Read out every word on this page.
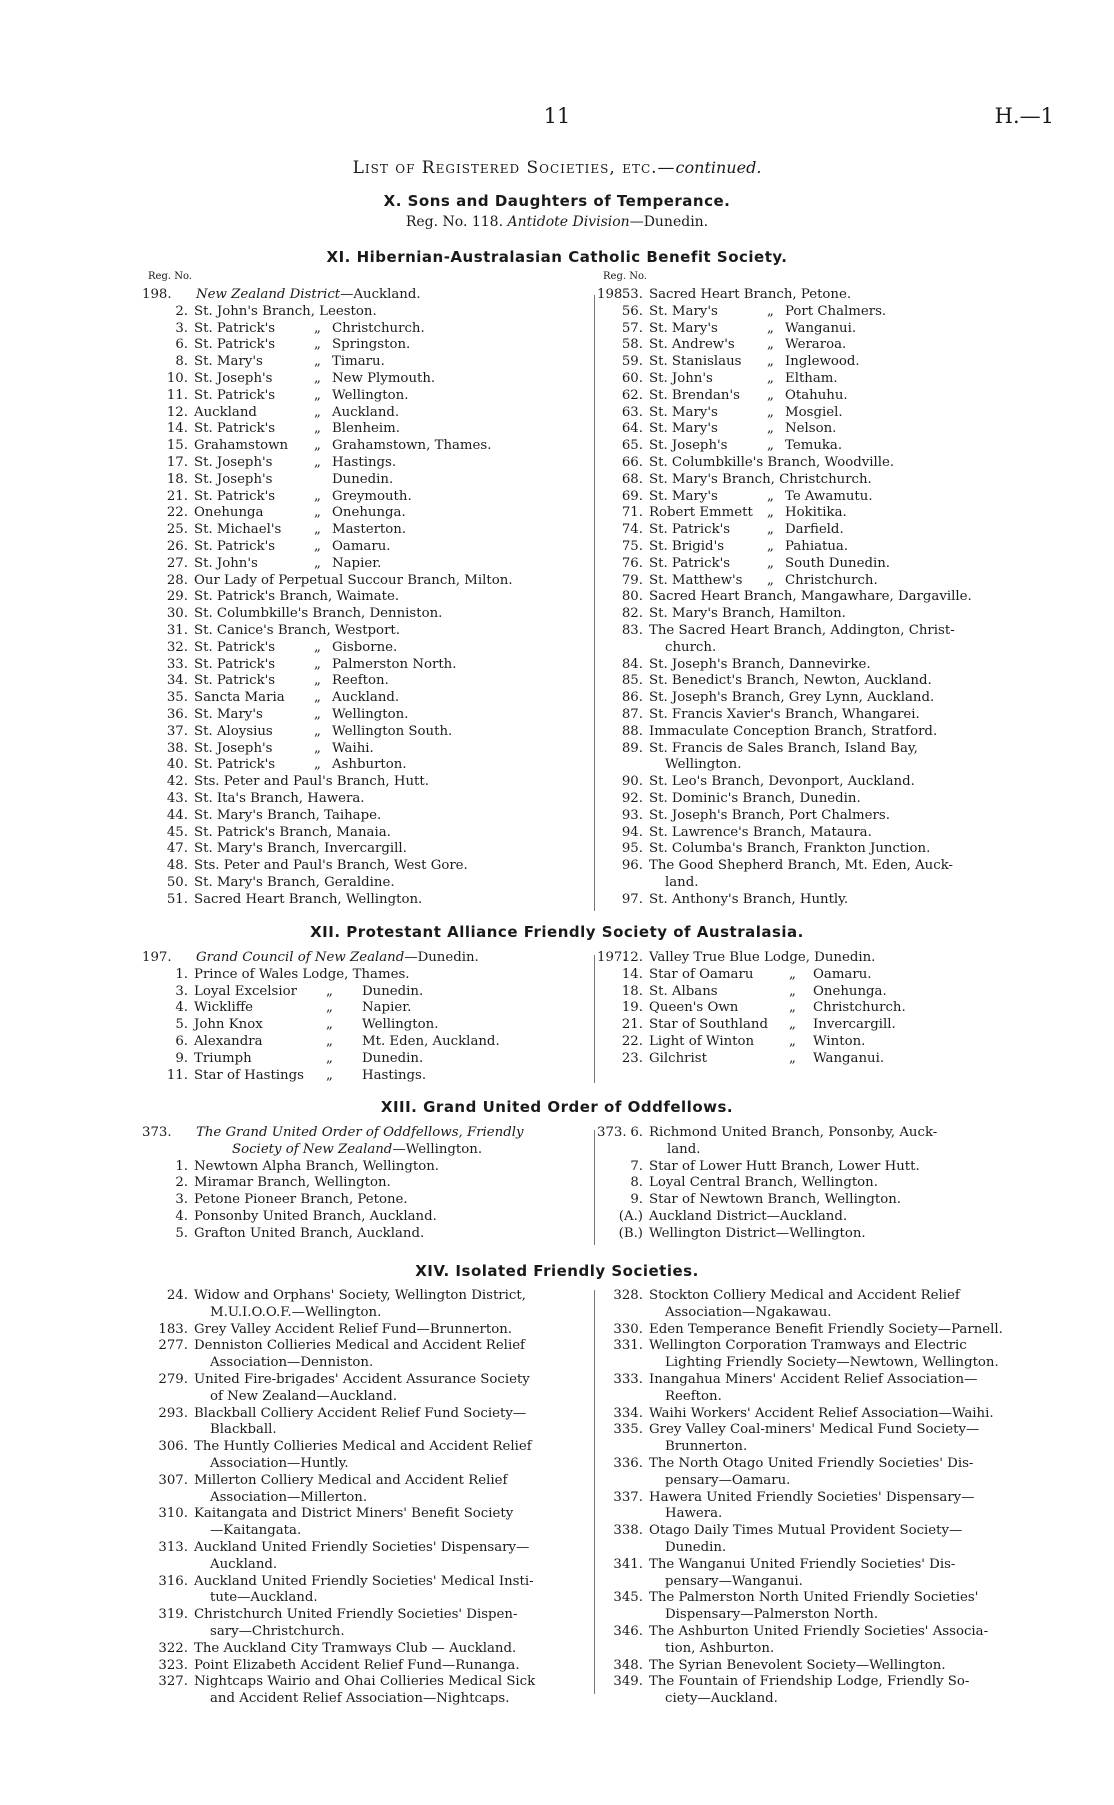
11	H.—1
List of Registered Societies, etc.—continued.
X. Sons and Daughters of Temperance.
Reg. No. 118. Antidote Division—Dunedin.
XI. Hibernian-Australasian Catholic Benefit Society.
Reg. No.	Reg. No.
198.	New Zealand District—Auckland.
2. St. John's Branch, Leeston.
3. St. Patrick's	„ Christchurch.
6. St. Patrick's	„ Springston.
8. St. Mary's	„ Timaru.
10. St. Joseph's	„ New Plymouth.
11. St. Patrick's	„ Wellington.
12. Auckland	„ Auckland.
14. St. Patrick's	„ Blenheim.
15. Grahamstown „ Grahamstown, Thames.
17. St. Joseph's	„ Hastings.
18. St. Joseph's	Dunedin.
21. St. Patrick's	„ Greymouth.
22. Onehunga	„ Onehunga.
25. St. Michael's „ Masterton.
26. St. Patrick's	„ Oamaru.
27. St. John's	„ Napier.
28. Our Lady of Perpetual Succour Branch, Milton.
29. St. Patrick's Branch, Waimate.
30. St. Columbkille's Branch, Denniston.
31. St. Canice's Branch, Westport.
32. St. Patrick's	„ Gisborne.
33. St. Patrick's	„ Palmerston North.
34. St. Patrick's	„ Reefton.
35. Sancta Maria „ Auckland.
36. St. Mary's	„ Wellington.
37. St. Aloysius	„ Wellington South.
38. St. Joseph's	„ Waihi.
40. St. Patrick's	„ Ashburton.
42. Sts. Peter and Paul's Branch, Hutt.
43. St. Ita's Branch, Hawera.
44. St. Mary's Branch, Taihape.
45. St. Patrick's Branch, Manaia.
47. St. Mary's Branch, Invercargill.
48. Sts. Peter and Paul's Branch, West Gore.
50. St. Mary's Branch, Geraldine.
51. Sacred Heart Branch, Wellington.
198.
53. Sacred Heart Branch, Petone.
56. St. Mary's	„ Port Chalmers.
57. St. Mary's	„ Wanganui.
58. St. Andrew's „ Weraroa.
59. St. Stanislaus „ Inglewood.
60. St. John's	„ Eltham.
62. St. Brendan's „ Otahuhu.
63. St. Mary's	„ Mosgiel.
64. St. Mary's	„ Nelson.
65. St. Joseph's	„ Temuka.
66. St. Columbkille's Branch, Woodville.
68. St. Mary's Branch, Christchurch.
69. St. Mary's	„ Te Awamutu.
71. Robert Emmett „ Hokitika.
74. St. Patrick's	„ Darfield.
75. St. Brigid's	„ Pahiatua.
76. St. Patrick's	„ South Dunedin.
79. St. Matthew's „ Christchurch.
80. Sacred Heart Branch, Mangawhare, Dargaville.
82. St. Mary's Branch, Hamilton.
83. The Sacred Heart Branch, Addington, Christ-
church.
84. St. Joseph's Branch, Dannevirke.
85. St. Benedict's Branch, Newton, Auckland.
86. St. Joseph's Branch, Grey Lynn, Auckland.
87. St. Francis Xavier's Branch, Whangarei.
88. Immaculate Conception Branch, Stratford.
89. St. Francis de Sales Branch, Island Bay,
Wellington.
90. St. Leo's Branch, Devonport, Auckland.
92. St. Dominic's Branch, Dunedin.
93. St. Joseph's Branch, Port Chalmers.
94. St. Lawrence's Branch, Mataura.
95. St. Columba's Branch, Frankton Junction.
96. The Good Shepherd Branch, Mt. Eden, Auck-
land.
97. St. Anthony's Branch, Huntly.
XII. Protestant Alliance Friendly Society of Australasia.
197.	Grand Council of New Zealand—Dunedin.
1. Prince of Wales Lodge, Thames.
3. Loyal Excelsior „ Dunedin.
4. Wickliffe	„ Napier.
5. John Knox	„ Wellington.
6. Alexandra	„ Mt. Eden, Auckland.
9. Triumph	„ Dunedin.
11. Star of Hastings „ Hastings.
197.
12. Valley True Blue Lodge, Dunedin.
14. Star of Oamaru	„ Oamaru.
18. St. Albans	„ Onehunga.
19. Queen's Own	„ Christchurch.
21. Star of Southland „ Invercargill.
22. Light of Winton	„ Winton.
23. Gilchrist	„ Wanganui.
XIII. Grand United Order of Oddfellows.
373.	The Grand United Order of Oddfellows, Friendly
Society of New Zealand—Wellington.
1. Newtown Alpha Branch, Wellington.
2. Miramar Branch, Wellington.
3. Petone Pioneer Branch, Petone.
4. Ponsonby United Branch, Auckland.
5. Grafton United Branch, Auckland.
373. 6. Richmond United Branch, Ponsonby, Auck-
land.
7. Star of Lower Hutt Branch, Lower Hutt.
8. Loyal Central Branch, Wellington.
9. Star of Newtown Branch, Wellington.
(A.) Auckland District—Auckland.
(B.) Wellington District—Wellington.
XIV. Isolated Friendly Societies.
24. Widow and Orphans' Society, Wellington District,
M.U.I.O.O.F.—Wellington.
183. Grey Valley Accident Relief Fund—Brunnerton.
277. Denniston Collieries Medical and Accident Relief
Association—Denniston.
279. United Fire-brigades' Accident Assurance Society
of New Zealand—Auckland.
293. Blackball Colliery Accident Relief Fund Society—
Blackball.
306. The Huntly Collieries Medical and Accident Relief
Association—Huntly.
307. Millerton Colliery Medical and Accident Relief
Association—Millerton.
310. Kaitangata and District Miners' Benefit Society
—Kaitangata.
313. Auckland United Friendly Societies' Dispensary—
Auckland.
316. Auckland United Friendly Societies' Medical Insti-
tute—Auckland.
319. Christchurch United Friendly Societies' Dispen-
sary—Christchurch.
322. The Auckland City Tramways Club — Auckland.
323. Point Elizabeth Accident Relief Fund—Runanga.
327. Nightcaps Wairio and Ohai Collieries Medical Sick
and Accident Relief Association—Nightcaps.
328. Stockton Colliery Medical and Accident Relief
Association—Ngakawau.
330. Eden Temperance Benefit Friendly Society—Parnell.
331. Wellington Corporation Tramways and Electric
Lighting Friendly Society—Newtown, Wellington.
333. Inangahua Miners' Accident Relief Association—
Reefton.
334. Waihi Workers' Accident Relief Association—Waihi.
335. Grey Valley Coal-miners' Medical Fund Society—
Brunnerton.
336. The North Otago United Friendly Societies' Dis-
pensary—Oamaru.
337. Hawera United Friendly Societies' Dispensary—
Hawera.
338. Otago Daily Times Mutual Provident Society—
Dunedin.
341. The Wanganui United Friendly Societies' Dis-
pensary—Wanganui.
345. The Palmerston North United Friendly Societies'
Dispensary—Palmerston North.
346. The Ashburton United Friendly Societies' Associa-
tion, Ashburton.
348. The Syrian Benevolent Society—Wellington.
349. The Fountain of Friendship Lodge, Friendly So-
ciety—Auckland.
